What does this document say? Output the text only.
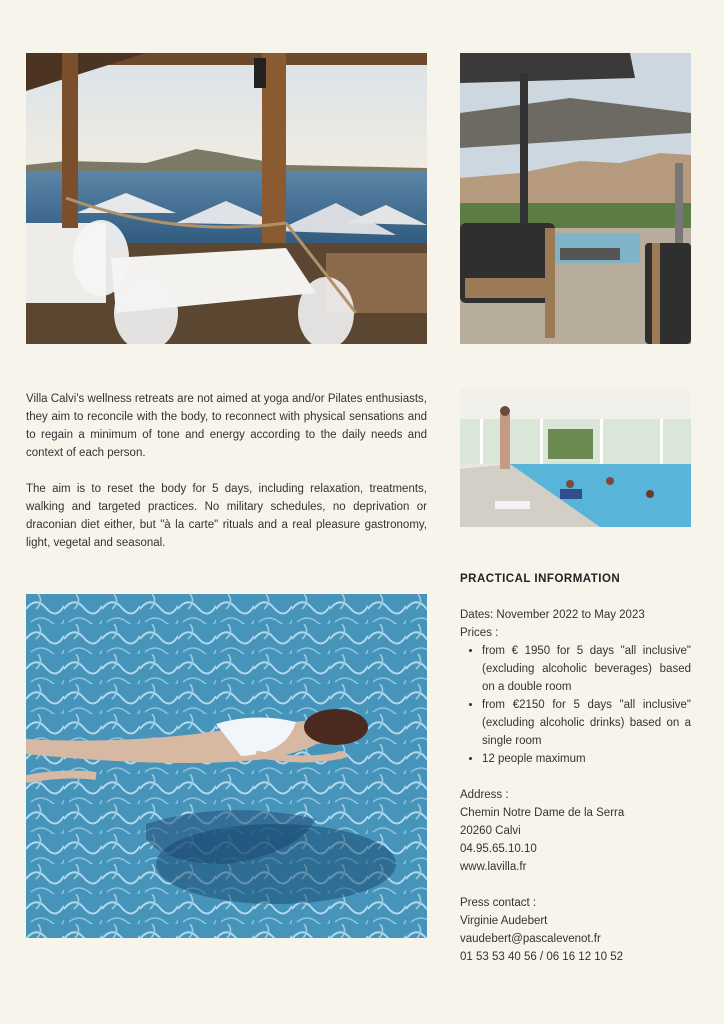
Villa Calvi's wellness retreats are not aimed at yoga and/or Pilates enthusiasts, they aim to reconcile with the body, to reconnect with physical sensations and to regain a minimum of tone and energy according to the daily needs and context of each person.

The aim is to reset the body for 5 days, including relaxation, treatments, walking and targeted practices. No military schedules, no deprivation or draconian diet either, but "à la carte" rituals and a real pleasure gastronomy, light, vegetal and seasonal.

PRACTICAL INFORMATION

Dates: November 2022 to May 2023

Prices :

• from € 1950 for 5 days "all inclusive" (excluding alcoholic beverages) based on a double room
• from €2150 for 5 days "all inclusive" (excluding alcoholic drinks) based on a single room
• 12 people maximum

Address :

Chemin Notre Dame de la Serra

20260 Calvi

04.95.65.10.10

www.lavilla.fr

Press contact :

Virginie Audebert

vaudebert@pascalevenot.fr

01 53 53 40 56 / 06 16 12 10 52
